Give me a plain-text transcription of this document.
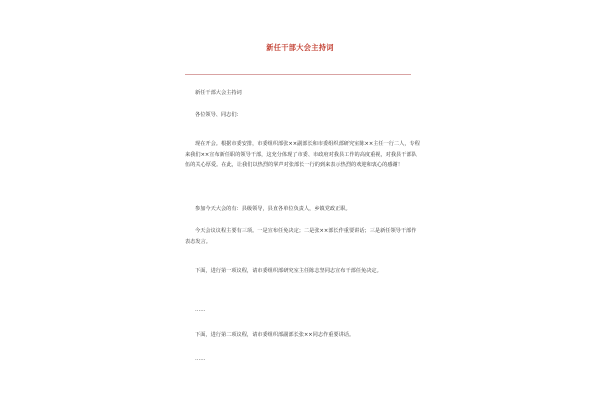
新任干部大会主持词

新任干部大会主持词

各位领导、同志们：

现在开会。根据市委安排，市委组织部张××副部长和市委组织部研究室陈××主任一行二人，专程来我们××宣布新任职的领导干部，这充分体现了市委、市政府对我县工作的高度重视，对我县干部队伍的关心厚爱。在此，让我们以热烈的掌声对张部长一行的到来表示热烈的欢迎和衷心的感谢！

参加今天大会的有：县级领导，县直各单位负责人，乡镇党政正职。

今天会议议程主要有三项。一是宣布任免决定；二是张××部长作重要讲话；三是新任领导干部作表态发言。

下面，进行第一项议程，请市委组织部研究室主任陈志坚同志宣布干部任免决定。

……

下面，进行第二项议程，请市委组织部副部长张××同志作重要讲话。

……
